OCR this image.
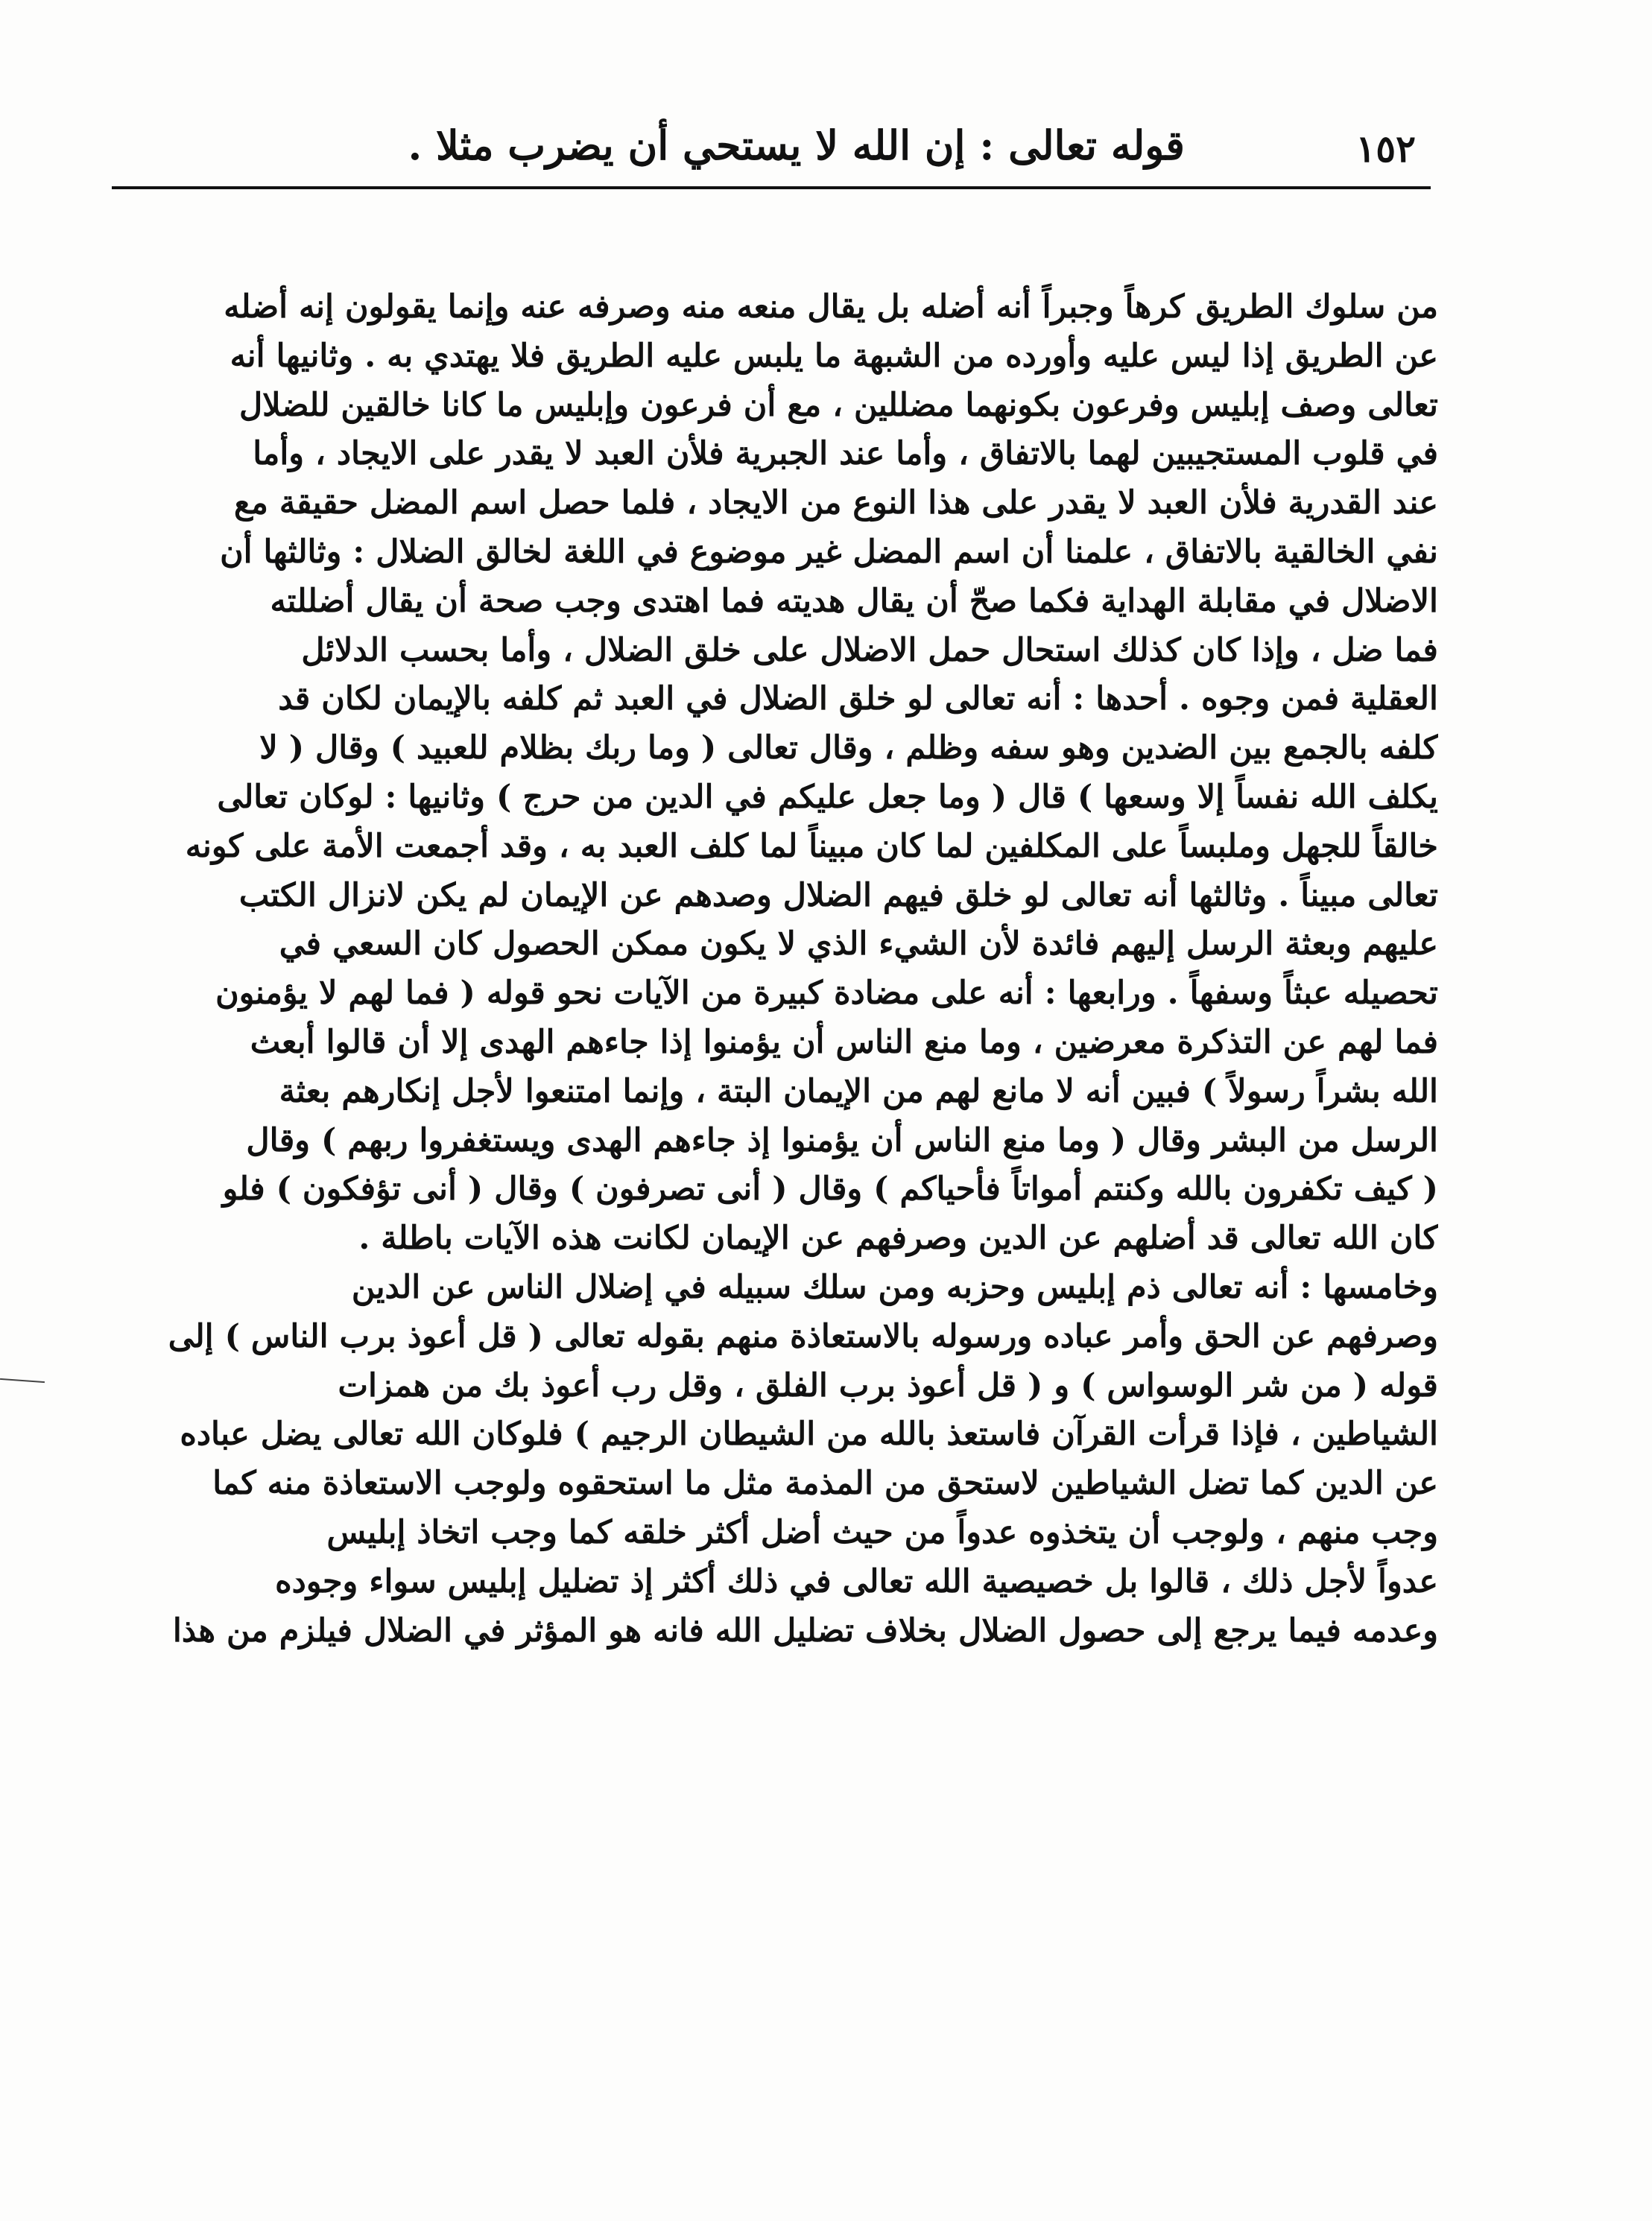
١٥٢
قوله تعالى : إن الله لا يستحي أن يضرب مثلا .
من سلوك الطريق كرهاً وجبراً أنه أضله بل يقال منعه منه وصرفه عنه وإنما يقولون إنه أضله
عن الطريق إذا ليس عليه وأورده من الشبهة ما يلبس عليه الطريق فلا يهتدي به . وثانيها أنه
تعالى وصف إبليس وفرعون بكونهما مضللين ، مع أن فرعون وإبليس ما كانا خالقين للضلال
في قلوب المستجيبين لهما بالاتفاق ، وأما عند الجبرية فلأن العبد لا يقدر على الايجاد ، وأما
عند القدرية فلأن العبد لا يقدر على هذا النوع من الايجاد ، فلما حصل اسم المضل حقيقة مع
نفي الخالقية بالاتفاق ، علمنا أن اسم المضل غير موضوع في اللغة لخالق الضلال : وثالثها أن
الاضلال في مقابلة الهداية فكما صحّ أن يقال هديته فما اهتدى وجب صحة أن يقال أضللته
فما ضل ، وإذا كان كذلك استحال حمل الاضلال على خلق الضلال ، وأما بحسب الدلائل
العقلية فمن وجوه . أحدها : أنه تعالى لو خلق الضلال في العبد ثم كلفه بالإيمان لكان قد
كلفه بالجمع بين الضدين وهو سفه وظلم ، وقال تعالى ( وما ربك بظلام للعبيد ) وقال ( لا
يكلف الله نفساً إلا وسعها ) قال ( وما جعل عليكم في الدين من حرج ) وثانيها : لوكان تعالى
خالقاً للجهل وملبساً على المكلفين لما كان مبيناً لما كلف العبد به ، وقد أجمعت الأمة على كونه
تعالى مبيناً . وثالثها أنه تعالى لو خلق فيهم الضلال وصدهم عن الإيمان لم يكن لانزال الكتب
عليهم وبعثة الرسل إليهم فائدة لأن الشيء الذي لا يكون ممكن الحصول كان السعي في
تحصيله عبثاً وسفهاً . ورابعها : أنه على مضادة كبيرة من الآيات نحو قوله ( فما لهم لا يؤمنون
فما لهم عن التذكرة معرضين ، وما منع الناس أن يؤمنوا إذا جاءهم الهدى إلا أن قالوا أبعث
الله بشراً رسولاً ) فبين أنه لا مانع لهم من الإيمان البتة ، وإنما امتنعوا لأجل إنكارهم بعثة
الرسل من البشر وقال ( وما منع الناس أن يؤمنوا إذ جاءهم الهدى ويستغفروا ربهم ) وقال
( كيف تكفرون بالله وكنتم أمواتاً فأحياكم ) وقال ( أنى تصرفون ) وقال ( أنى تؤفكون ) فلو
كان الله تعالى قد أضلهم عن الدين وصرفهم عن الإيمان لكانت هذه الآيات باطلة .
وخامسها : أنه تعالى ذم إبليس وحزبه ومن سلك سبيله في إضلال الناس عن الدين
وصرفهم عن الحق وأمر عباده ورسوله بالاستعاذة منهم بقوله تعالى ( قل أعوذ برب الناس ) إلى
قوله ( من شر الوسواس ) و ( قل أعوذ برب الفلق ، وقل رب أعوذ بك من همزات
الشياطين ، فإذا قرأت القرآن فاستعذ بالله من الشيطان الرجيم ) فلوكان الله تعالى يضل عباده
عن الدين كما تضل الشياطين لاستحق من المذمة مثل ما استحقوه ولوجب الاستعاذة منه كما
وجب منهم ، ولوجب أن يتخذوه عدواً من حيث أضل أكثر خلقه كما وجب اتخاذ إبليس
عدواً لأجل ذلك ، قالوا بل خصيصية الله تعالى في ذلك أكثر إذ تضليل إبليس سواء وجوده
وعدمه فيما يرجع إلى حصول الضلال بخلاف تضليل الله فانه هو المؤثر في الضلال فيلزم من هذا
